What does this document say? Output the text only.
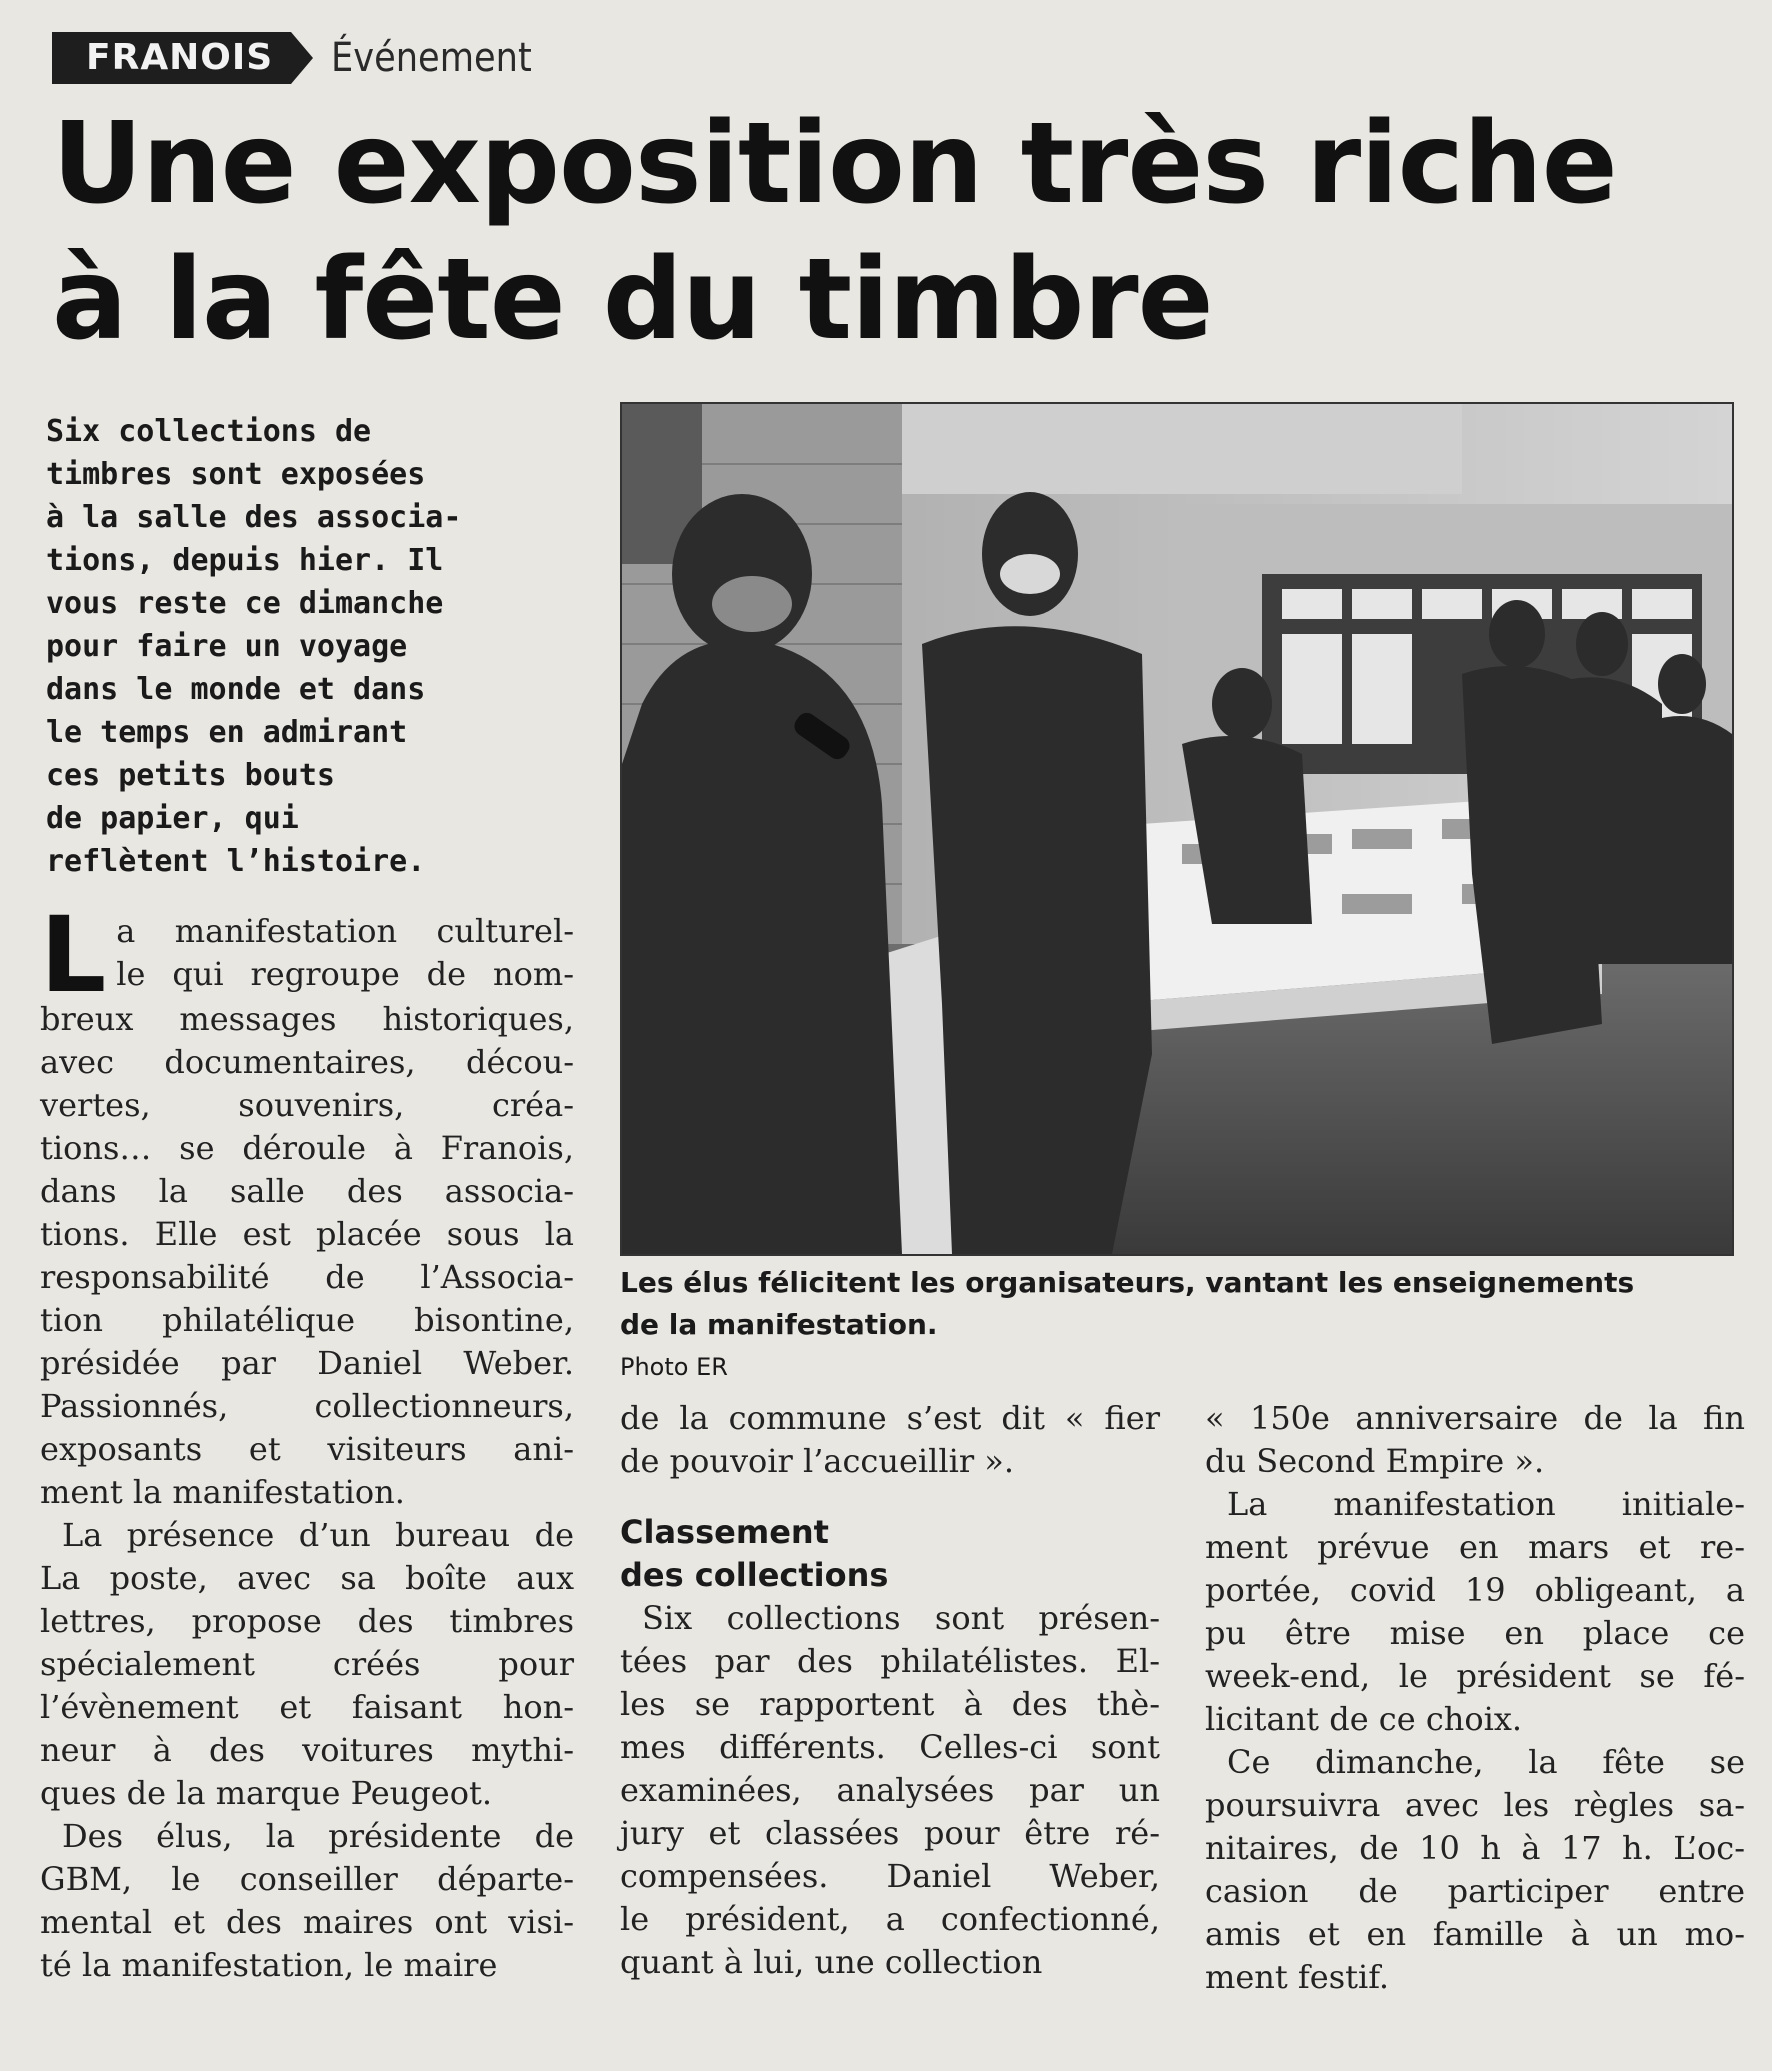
FRANOIS	Événement
Une exposition très riche
à la fête du timbre
Six collections de
timbres sont exposées
à la salle des associa-
tions, depuis hier. Il
vous reste ce dimanche
pour faire un voyage
dans le monde et dans
le temps en admirant
ces petits bouts
de papier, qui
reflètent l’histoire.
Les élus félicitent les organisateurs, vantant les enseignements
de la manifestation.
Photo ER
L a manifestation culturel-
le qui regroupe de nom-
breux messages historiques,
avec documentaires, décou-
vertes, souvenirs, créa-
tions… se déroule à Franois,
dans la salle des associa-
tions. Elle est placée sous la
responsabilité de l’Associa-
tion philatélique bisontine,
présidée par Daniel Weber.
Passionnés, collectionneurs,
exposants et visiteurs ani-
ment la manifestation.
La présence d’un bureau de
La poste, avec sa boîte aux
lettres, propose des timbres
spécialement créés pour
l’évènement et faisant hon-
neur à des voitures mythi-
ques de la marque Peugeot.
Des élus, la présidente de
GBM, le conseiller départe-
mental et des maires ont visi-
té la manifestation, le maire
de la commune s’est dit « fier
de pouvoir l’accueillir ».
Classement
des collections
Six collections sont présen-
tées par des philatélistes. El-
les se rapportent à des thè-
mes différents. Celles-ci sont
examinées, analysées par un
jury et classées pour être ré-
compensées. Daniel Weber,
le président, a confectionné,
quant à lui, une collection
« 150e anniversaire de la fin
du Second Empire ».
La manifestation initiale-
ment prévue en mars et re-
portée, covid 19 obligeant, a
pu être mise en place ce
week-end, le président se fé-
licitant de ce choix.
Ce dimanche, la fête se
poursuivra avec les règles sa-
nitaires, de 10 h à 17 h. L’oc-
casion de participer entre
amis et en famille à un mo-
ment festif.
